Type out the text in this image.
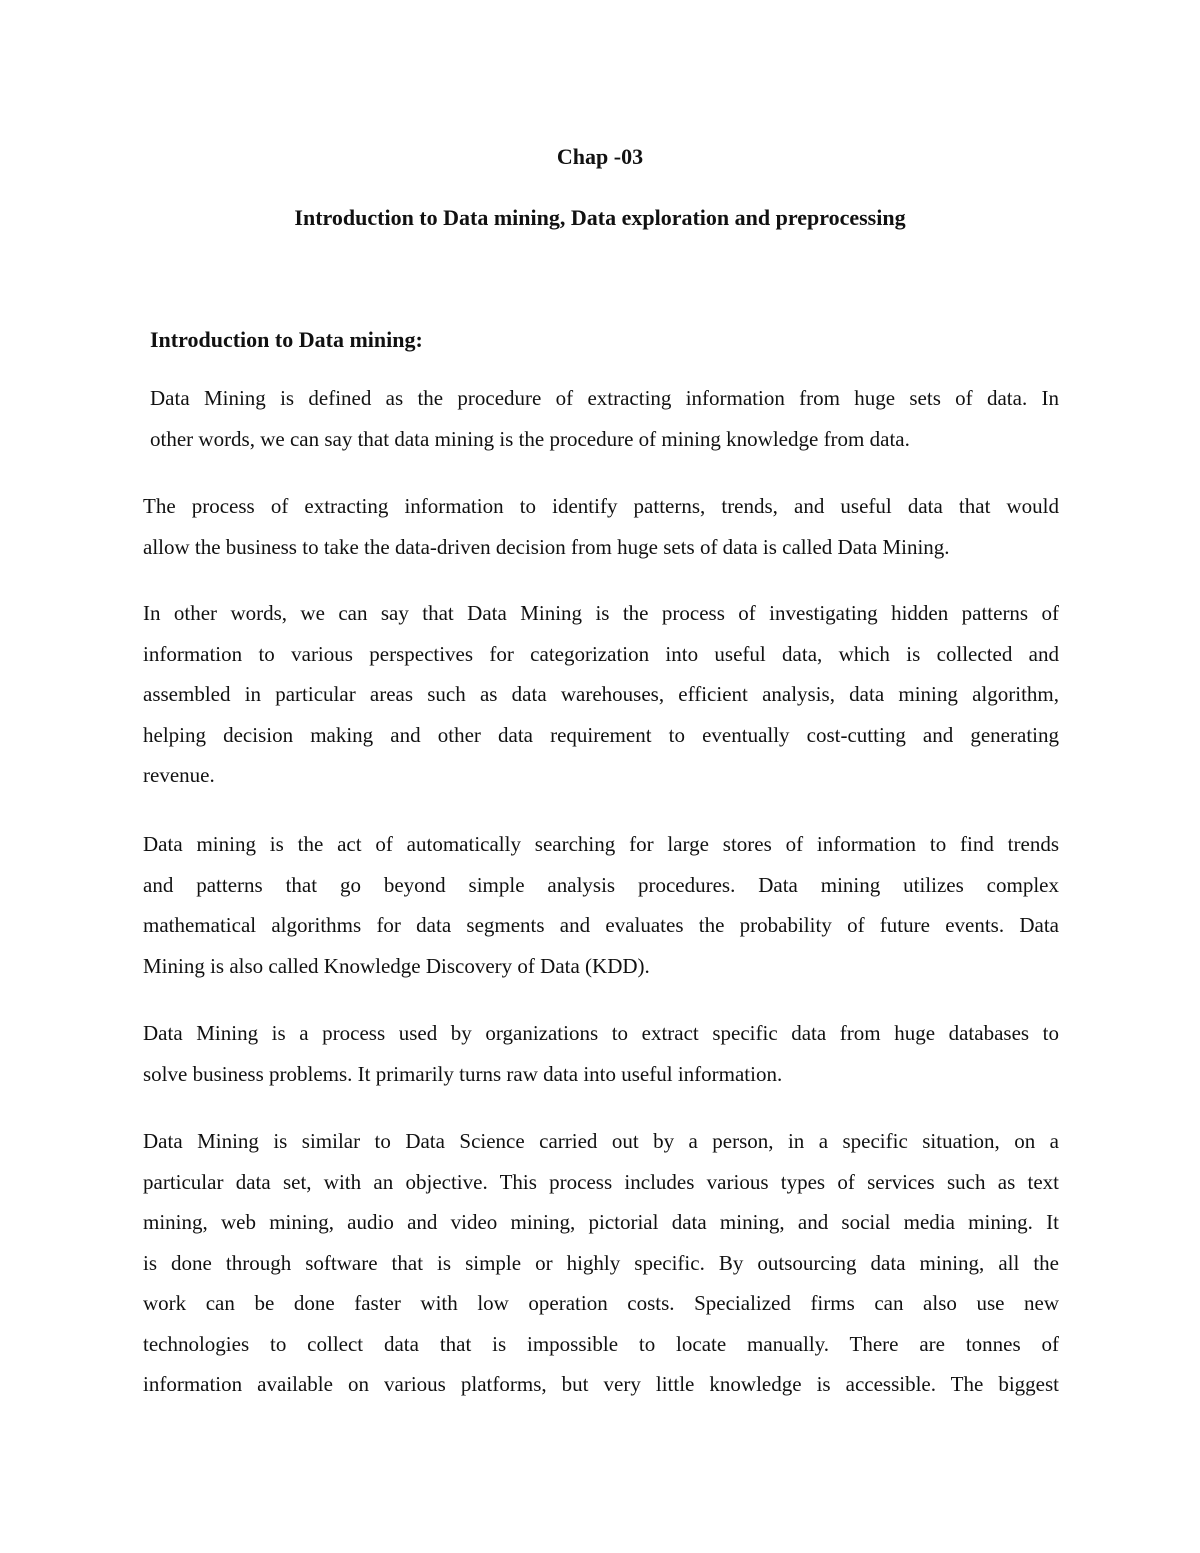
Chap -03
Introduction to Data mining, Data exploration and preprocessing
Introduction to Data mining:
Data Mining is defined as the procedure of extracting information from huge sets of data. In
other words, we can say that data mining is the procedure of mining knowledge from data.
The process of extracting information to identify patterns, trends, and useful data that would
allow the business to take the data-driven decision from huge sets of data is called Data Mining.
In other words, we can say that Data Mining is the process of investigating hidden patterns of
information to various perspectives for categorization into useful data, which is collected and
assembled in particular areas such as data warehouses, efficient analysis, data mining algorithm,
helping decision making and other data requirement to eventually cost-cutting and generating
revenue.
Data mining is the act of automatically searching for large stores of information to find trends
and patterns that go beyond simple analysis procedures. Data mining utilizes complex
mathematical algorithms for data segments and evaluates the probability of future events. Data
Mining is also called Knowledge Discovery of Data (KDD).
Data Mining is a process used by organizations to extract specific data from huge databases to
solve business problems. It primarily turns raw data into useful information.
Data Mining is similar to Data Science carried out by a person, in a specific situation, on a
particular data set, with an objective. This process includes various types of services such as text
mining, web mining, audio and video mining, pictorial data mining, and social media mining. It
is done through software that is simple or highly specific. By outsourcing data mining, all the
work can be done faster with low operation costs. Specialized firms can also use new
technologies to collect data that is impossible to locate manually. There are tonnes of
information available on various platforms, but very little knowledge is accessible. The biggest
